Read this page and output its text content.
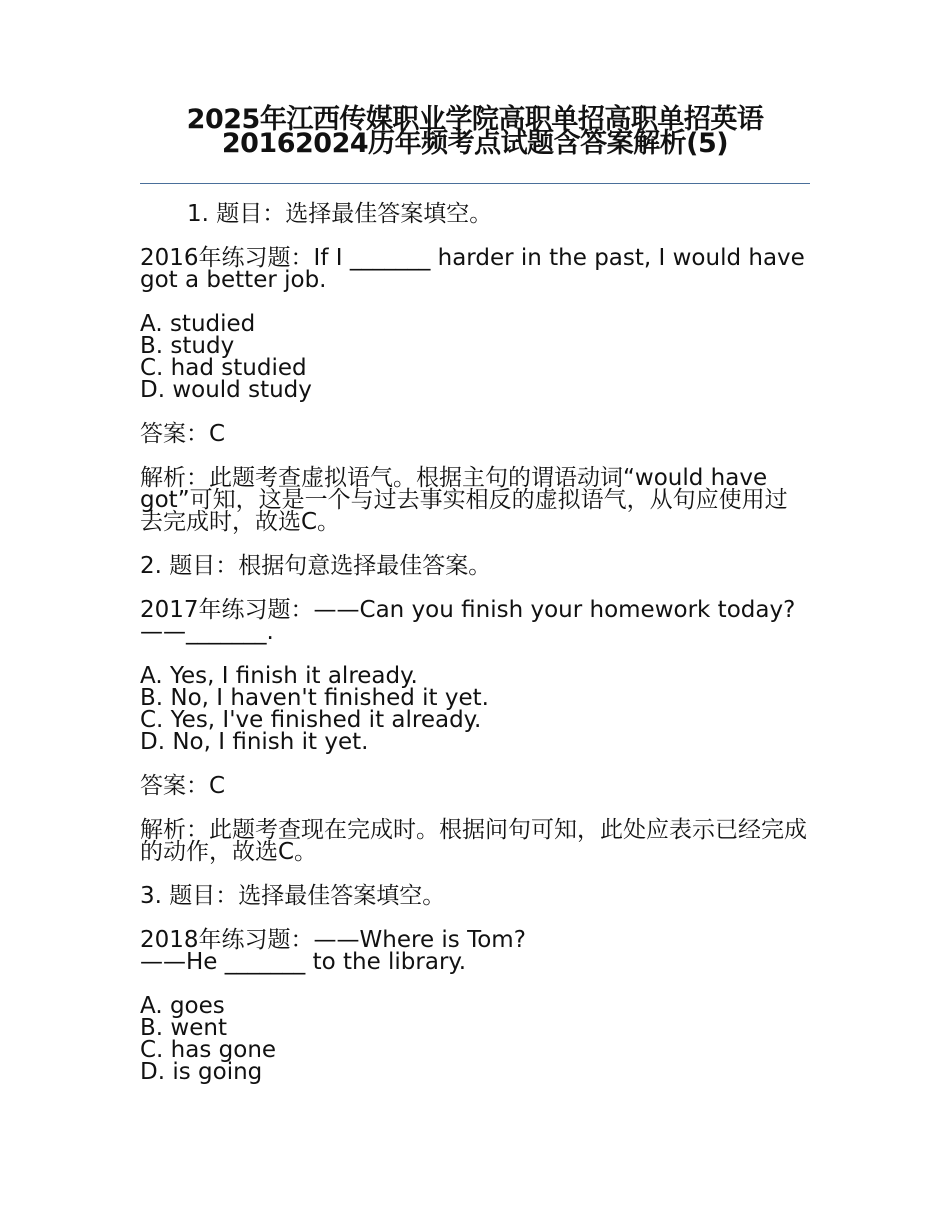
2025年江西传媒职业学院高职单招高职单招英语20162024历年频考点试题含答案解析(5)

1. 题目：选择最佳答案填空。

2016年练习题：If I _______ harder in the past, I would have got a better job.

A. studied
B. study
C. had studied
D. would study

答案：C

解析：此题考查虚拟语气。根据主句的谓语动词“would have got”可知，这是一个与过去事实相反的虚拟语气，从句应使用过去完成时，故选C。

2. 题目：根据句意选择最佳答案。

2017年练习题：——Can you finish your homework today?
——_______.
A. Yes, I finish it already.
B. No, I haven't finished it yet.
C. Yes, I've finished it already.
D. No, I finish it yet.

答案：C

解析：此题考查现在完成时。根据问句可知，此处应表示已经完成的动作，故选C。

3. 题目：选择最佳答案填空。

2018年练习题：——Where is Tom?
——He _______ to the library.
A. goes
B. went
C. has gone
D. is going
